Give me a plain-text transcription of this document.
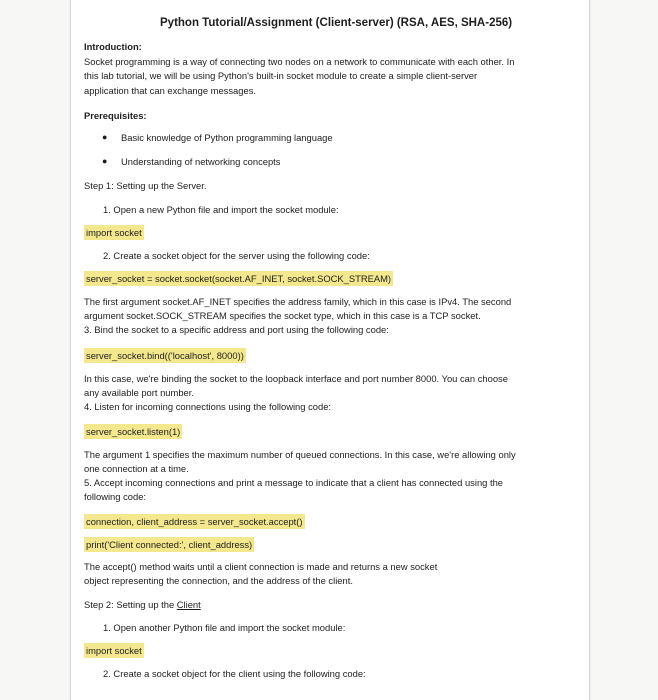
Python Tutorial/Assignment (Client-server) (RSA, AES, SHA-256)
Introduction:
Socket programming is a way of connecting two nodes on a network to communicate with each other. In
this lab tutorial, we will be using Python's built-in socket module to create a simple client-server
application that can exchange messages.
Prerequisites:
● Basic knowledge of Python programming language
● Understanding of networking concepts
Step 1: Setting up the Server.
1. Open a new Python file and import the socket module:
import socket
2. Create a socket object for the server using the following code:
server_socket = socket.socket(socket.AF_INET, socket.SOCK_STREAM)
The first argument socket.AF_INET specifies the address family, which in this case is IPv4. The second
argument socket.SOCK_STREAM specifies the socket type, which in this case is a TCP socket.
3. Bind the socket to a specific address and port using the following code:
server_socket.bind(('localhost', 8000))
In this case, we're binding the socket to the loopback interface and port number 8000. You can choose
any available port number.
4. Listen for incoming connections using the following code:
server_socket.listen(1)
The argument 1 specifies the maximum number of queued connections. In this case, we're allowing only
one connection at a time.
5. Accept incoming connections and print a message to indicate that a client has connected using the
following code:
connection, client_address = server_socket.accept()
print('Client connected:', client_address)
The accept() method waits until a client connection is made and returns a new socket
object representing the connection, and the address of the client.
Step 2: Setting up the Client
1. Open another Python file and import the socket module:
import socket
2. Create a socket object for the client using the following code:
